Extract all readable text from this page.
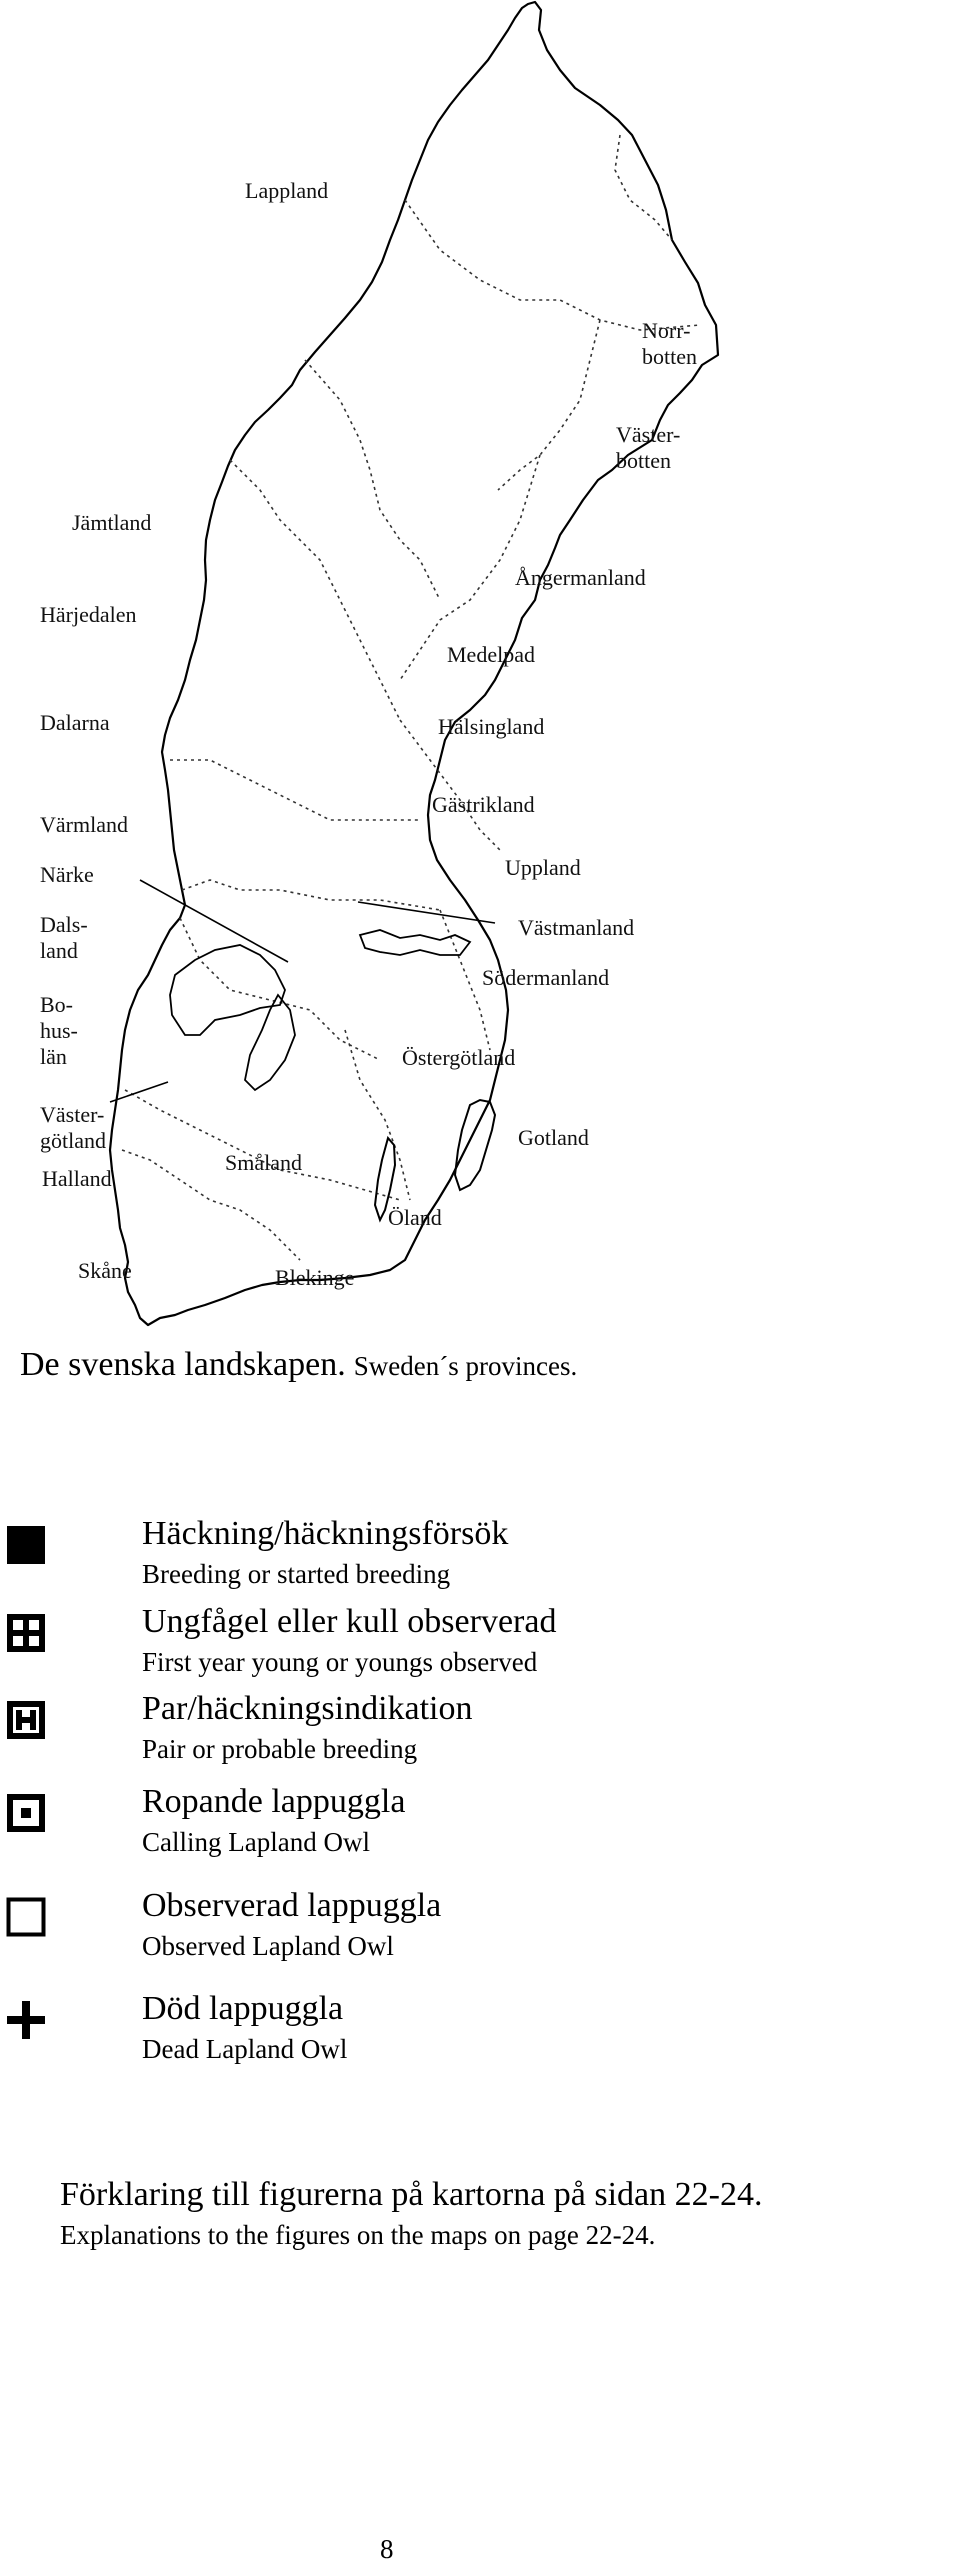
Lappland
Norr-
botten
Väster-
botten
Jämtland
Ångermanland
Härjedalen
Medelpad
Dalarna	Hälsingland
Gästrikland
Värmland
Närke	Uppland
Dals-
land
Västmanland
Bo-
hus-
län
Södermanland
Östergötland
Väster-
götland	Gotland
Halland
Småland
Öland
Skåne	Blekinge
De svenska landskapen. Sweden´s provinces.
Häckning/häckningsförsök
Breeding or started breeding
Ungfågel eller kull observerad
First year young or youngs observed
Par/häckningsindikation
Pair or probable breeding
Ropande lappuggla
Calling Lapland Owl
Observerad lappuggla
Observed Lapland Owl
Död lappuggla
Dead Lapland Owl
Förklaring till figurerna på kartorna på sidan 22-24.
Explanations to the figures on the maps on page 22-24.
8
